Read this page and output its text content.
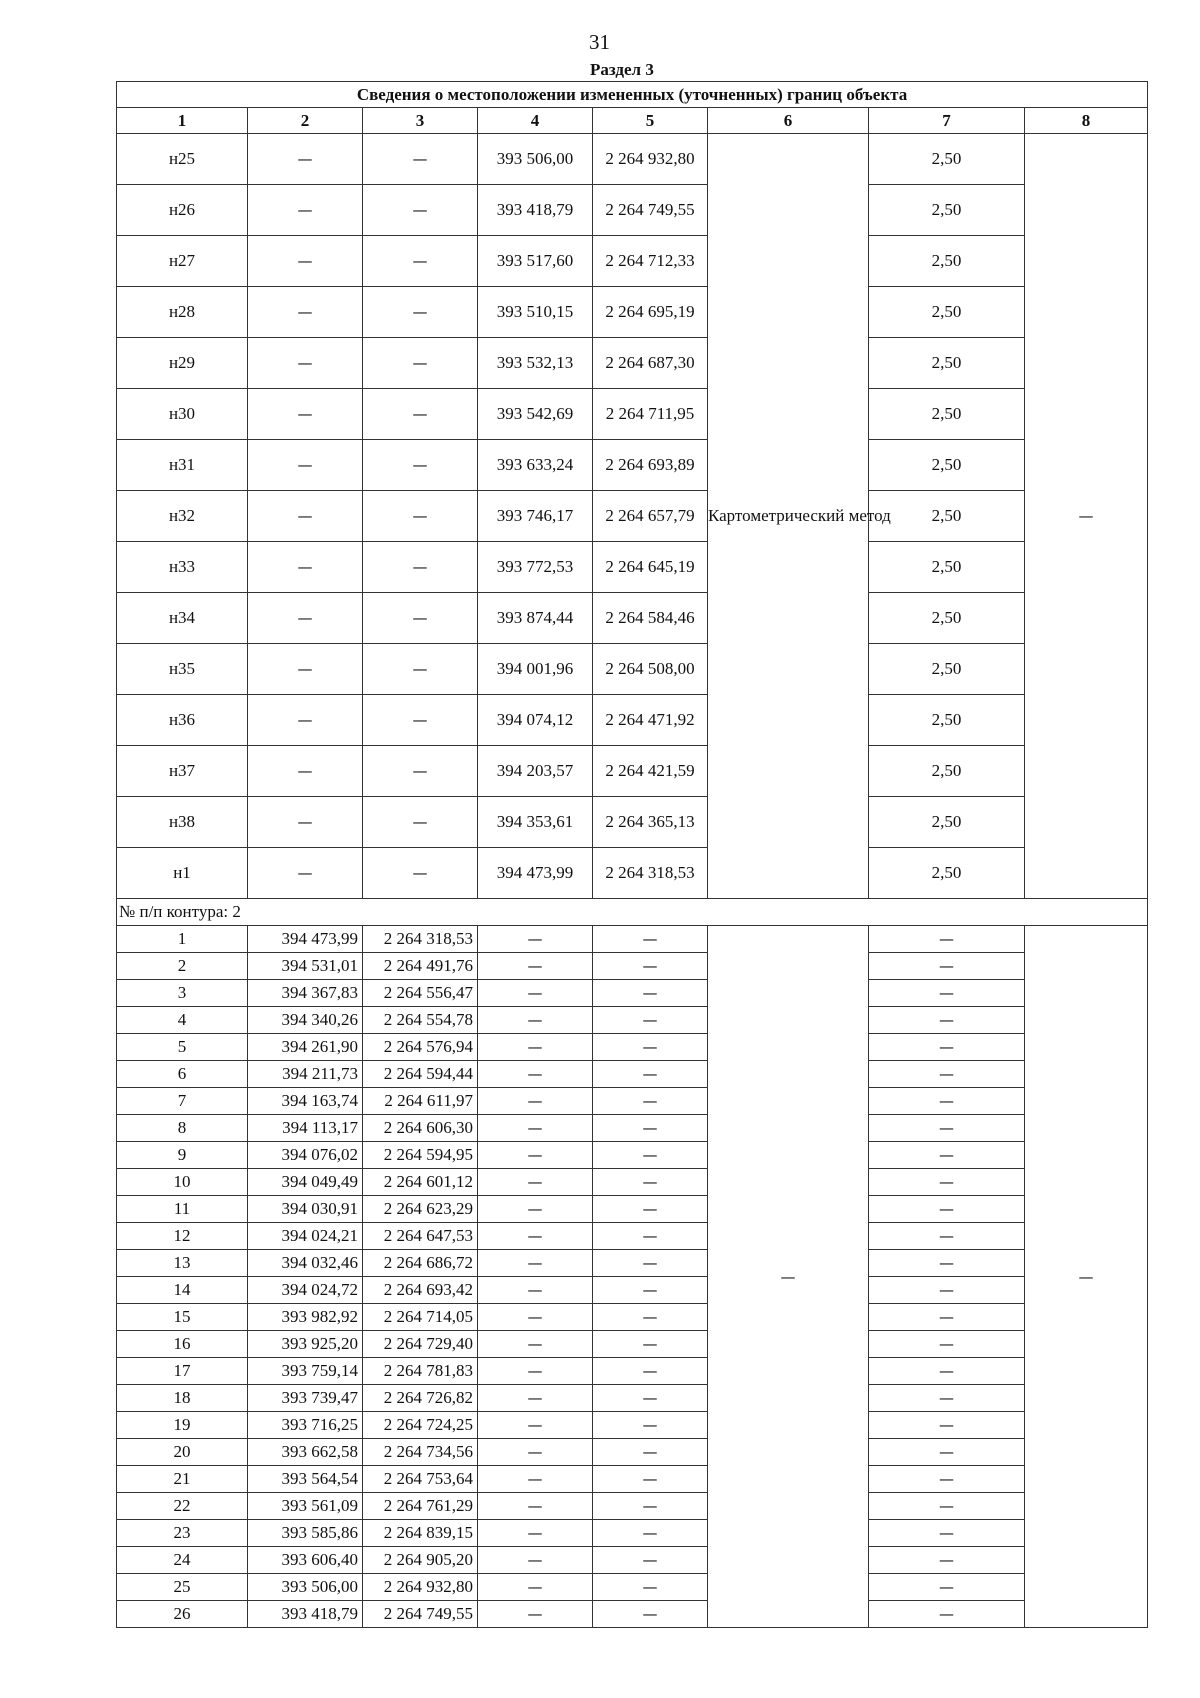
31
Раздел 3
Сведения о местоположении измененных (уточненных) границ объекта							
1	2	3	4	5	6	7	8
н25	—	—	393 506,00	2 264 932,80	Картометрический метод	2,50	—
н26	—	—	393 418,79	2 264 749,55		2,50	
н27	—	—	393 517,60	2 264 712,33		2,50	
н28	—	—	393 510,15	2 264 695,19		2,50	
н29	—	—	393 532,13	2 264 687,30		2,50	
н30	—	—	393 542,69	2 264 711,95		2,50	
н31	—	—	393 633,24	2 264 693,89		2,50	
н32	—	—	393 746,17	2 264 657,79		2,50	
н33	—	—	393 772,53	2 264 645,19		2,50	
н34	—	—	393 874,44	2 264 584,46		2,50	
н35	—	—	394 001,96	2 264 508,00		2,50	
н36	—	—	394 074,12	2 264 471,92		2,50	
н37	—	—	394 203,57	2 264 421,59		2,50	
н38	—	—	394 353,61	2 264 365,13		2,50	
н1	—	—	394 473,99	2 264 318,53		2,50	
№ п/п контура: 2							
1	394 473,99	2 264 318,53	—	—	—	—	—
2	394 531,01	2 264 491,76	—	—		—	
3	394 367,83	2 264 556,47	—	—		—	
4	394 340,26	2 264 554,78	—	—		—	
5	394 261,90	2 264 576,94	—	—		—	
6	394 211,73	2 264 594,44	—	—		—	
7	394 163,74	2 264 611,97	—	—		—	
8	394 113,17	2 264 606,30	—	—		—	
9	394 076,02	2 264 594,95	—	—		—	
10	394 049,49	2 264 601,12	—	—		—	
11	394 030,91	2 264 623,29	—	—		—	
12	394 024,21	2 264 647,53	—	—		—	
13	394 032,46	2 264 686,72	—	—		—	
14	394 024,72	2 264 693,42	—	—		—	
15	393 982,92	2 264 714,05	—	—		—	
16	393 925,20	2 264 729,40	—	—		—	
17	393 759,14	2 264 781,83	—	—		—	
18	393 739,47	2 264 726,82	—	—		—	
19	393 716,25	2 264 724,25	—	—		—	
20	393 662,58	2 264 734,56	—	—		—	
21	393 564,54	2 264 753,64	—	—		—	
22	393 561,09	2 264 761,29	—	—		—	
23	393 585,86	2 264 839,15	—	—		—	
24	393 606,40	2 264 905,20	—	—		—	
25	393 506,00	2 264 932,80	—	—		—	
26	393 418,79	2 264 749,55	—	—		—	
